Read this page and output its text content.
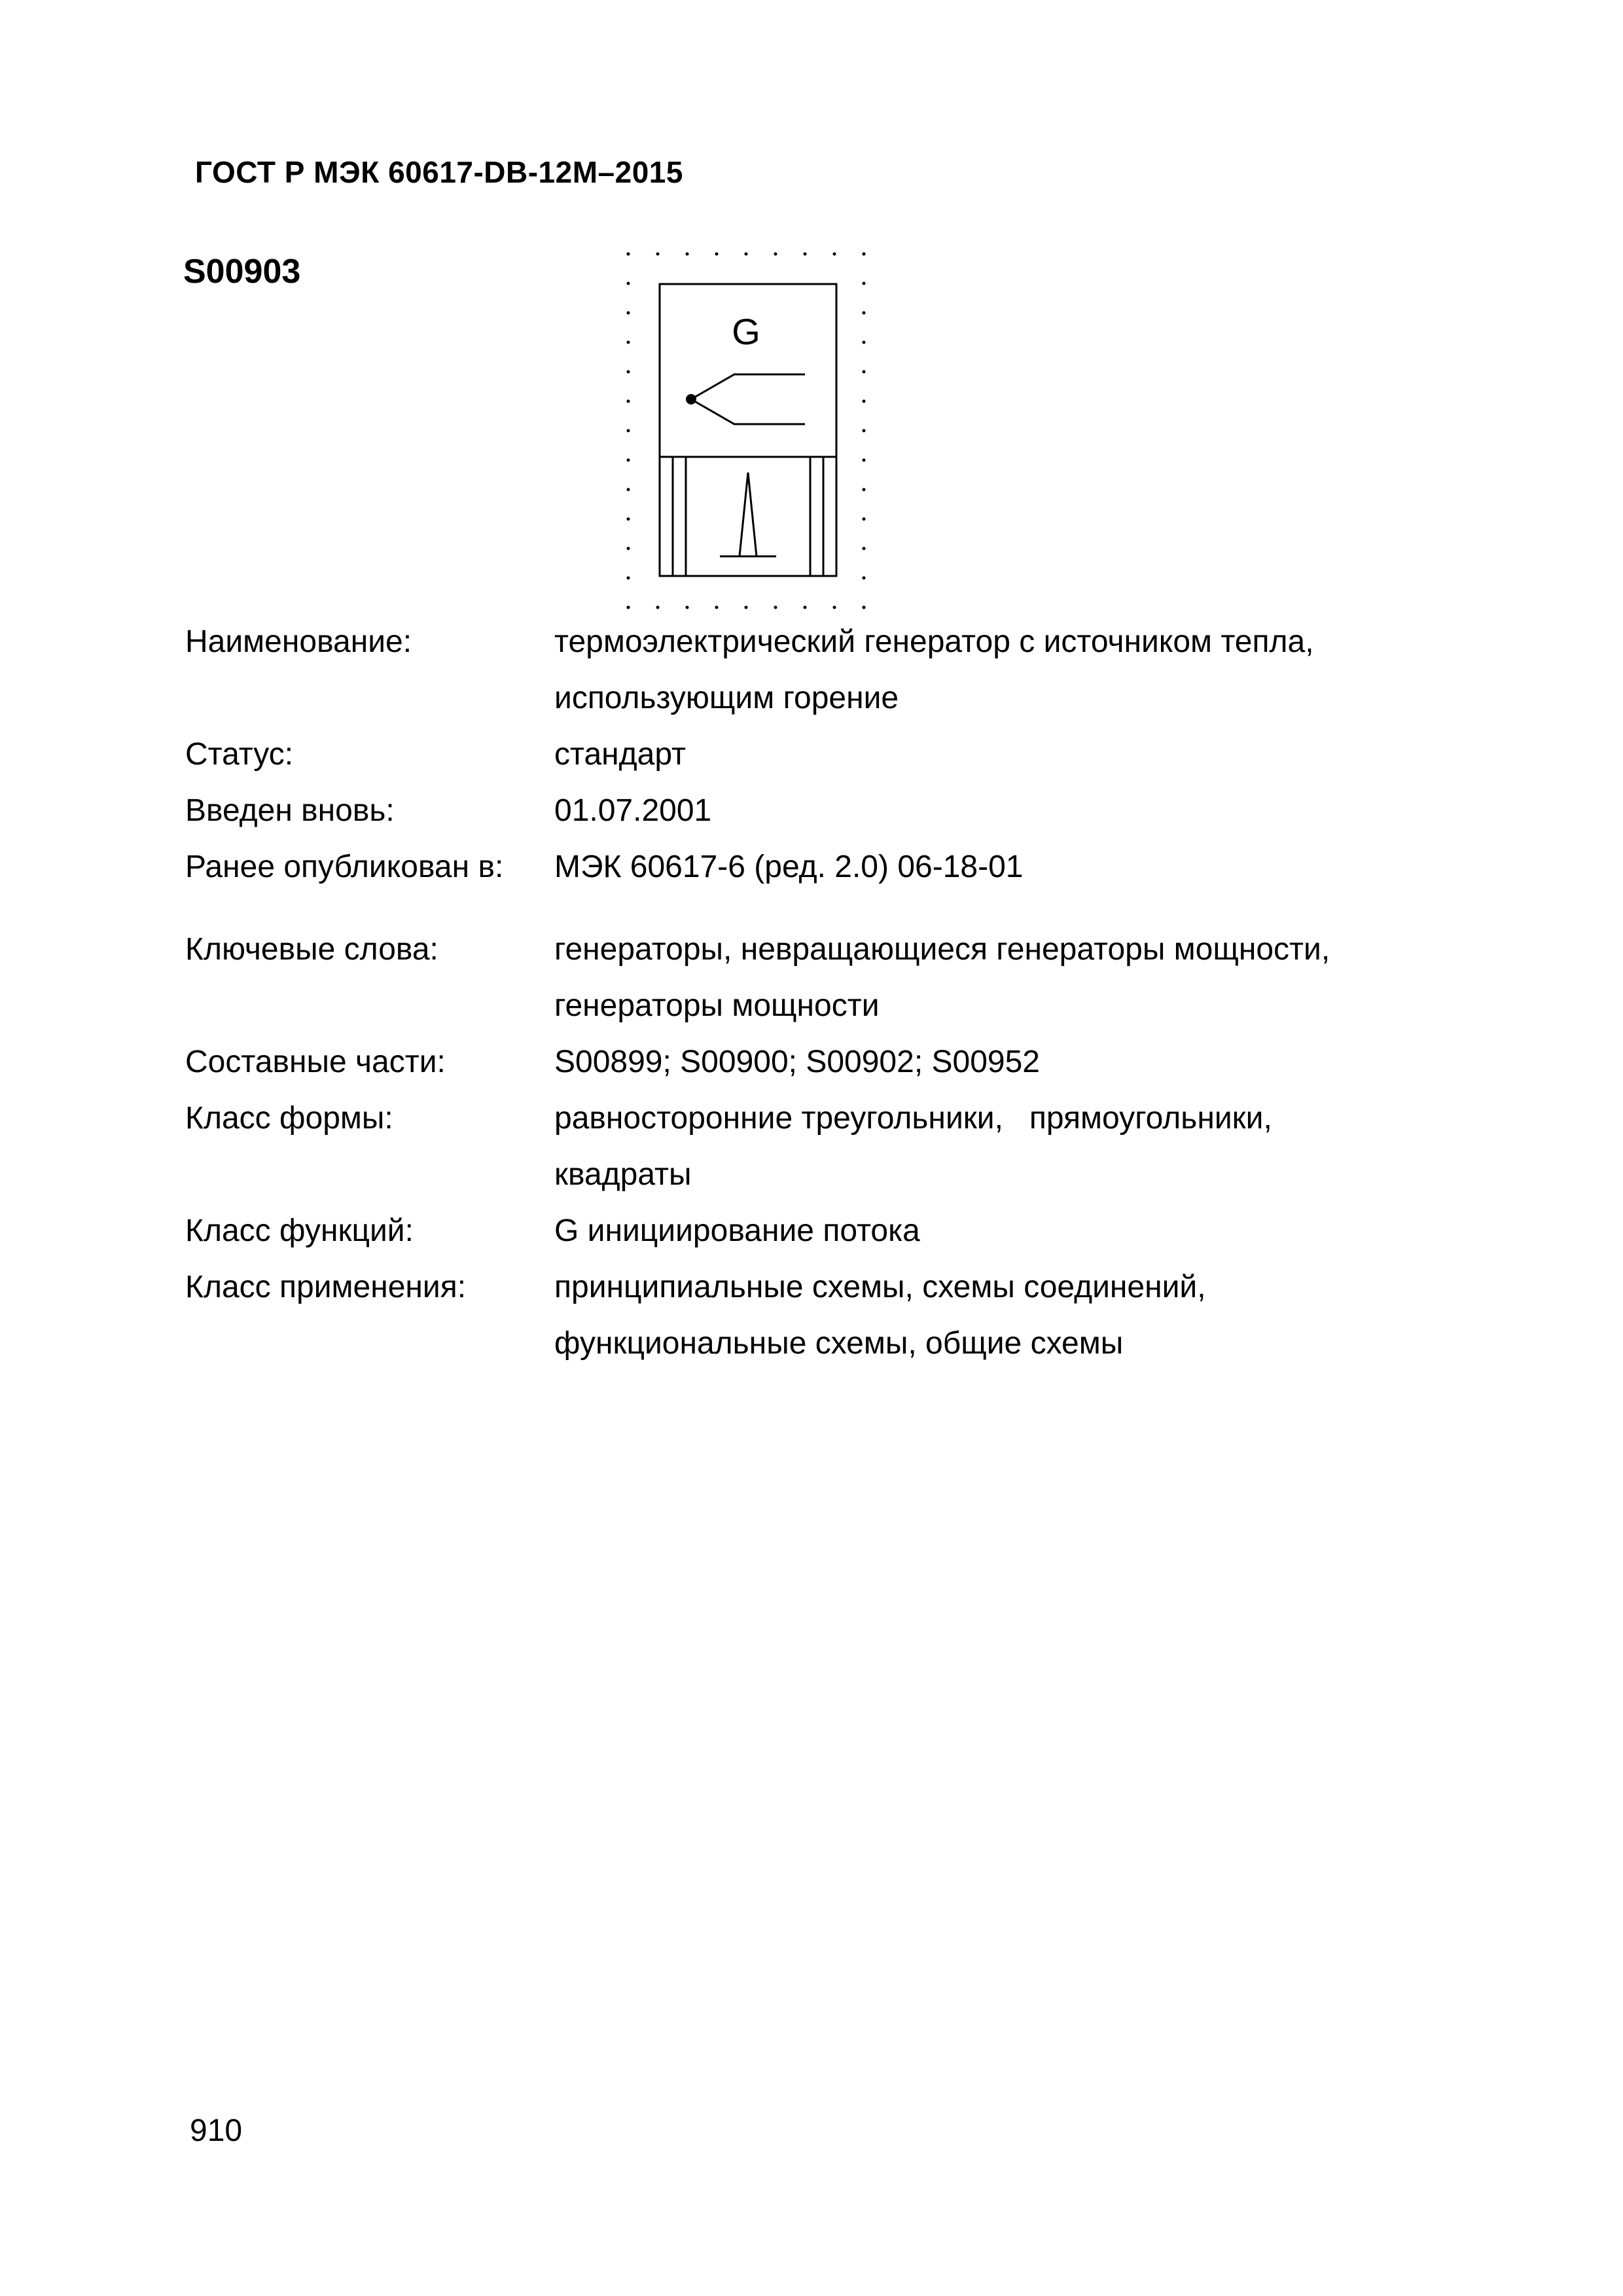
ГОСТ Р МЭК 60617-DB-12M–2015
S00903
G
Наименование:	термоэлектрический генератор с источником тепла,
использующим горение
Статус:	стандарт
Введен вновь:	01.07.2001
Ранее опубликован в:	МЭК 60617-6 (ред. 2.0) 06-18-01
Ключевые слова:	генераторы, невращающиеся генераторы мощности,
генераторы мощности
Составные части:	S00899; S00900; S00902; S00952
Класс формы:	равносторонние треугольники,   прямоугольники,
квадраты
Класс функций:	G инициирование потока
Класс применения:	принципиальные схемы, схемы соединений,
функциональные схемы, общие схемы
910
